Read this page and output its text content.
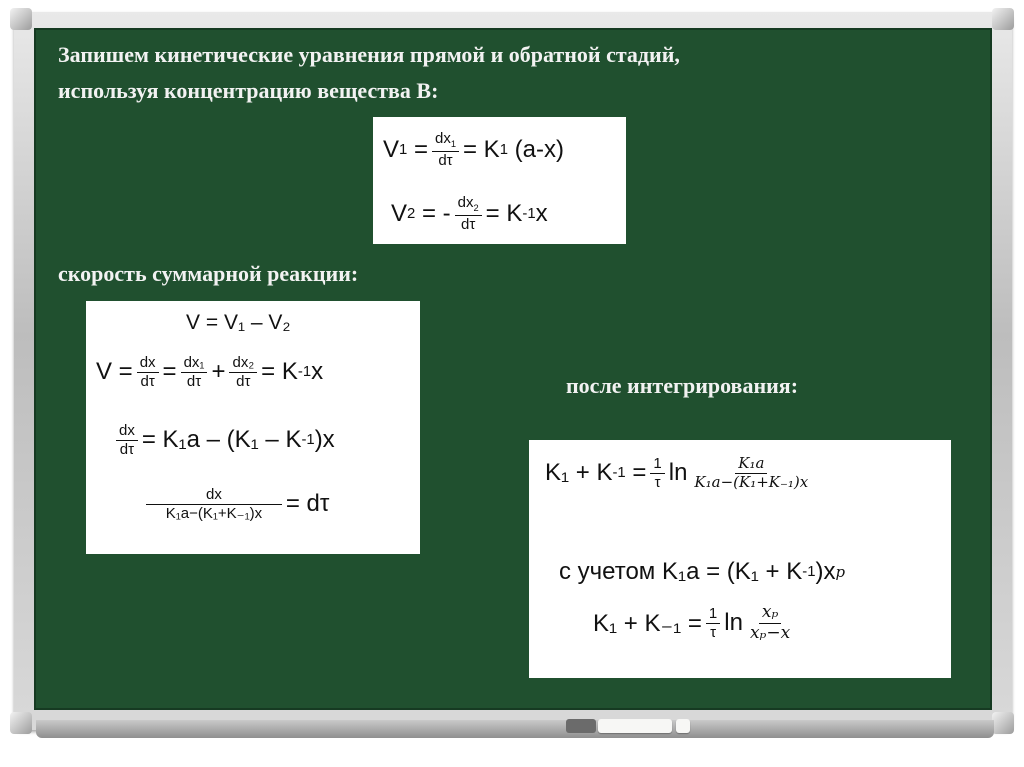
Запишем кинетические уравнения прямой и обратной стадий,
используя концентрацию вещества В:
V 1
= $\frac{dx_1}{d\tau} = K$ 1
(a-x)
V 2
= - $\frac{dx_2}{d\tau} = K$ -1 x
скорость суммарной реакции:
V = V₁ – V₂
$V = \frac{dx}{d\tau} = \frac{\text{dx₁}}{d\tau} + \frac{\text{dx₂}}{d\tau} = K$ -1 x
$\frac{dx}{d\tau} = K_1a - (K_1 - K$ -1 )x
$\frac{dx}{\text{K₁a−(K₁+K₋₁)x}} = d\tau$
после интегрирования:
K₁ + K -1
= $\frac{1}{\tau}$ $\ln \frac{\text{K₁a}}{\text{K₁a−(K₁+K₋₁)x}}$
с учетом K₁a = (K₁ + K -1 )x p
$K_1 + K_{-1} = \frac{1}{\tau}$ $\ln \frac{\text{xₚ}}{\text{xₚ−x}}$
